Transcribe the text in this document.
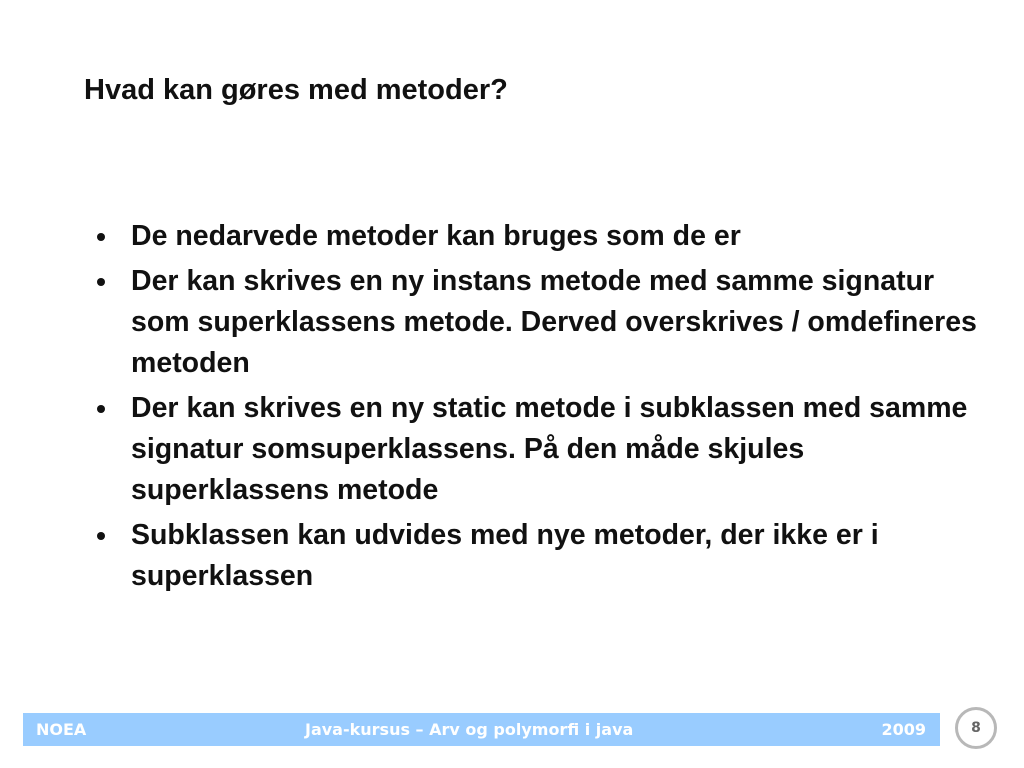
Hvad kan gøres med metoder?
De nedarvede metoder kan bruges som de er
Der kan skrives en ny instans metode med samme signatur som superklassens metode. Derved overskrives / omdefineres metoden
Der kan skrives en ny static metode i subklassen med samme signatur somsuperklassens. På den måde skjules superklassens metode
Subklassen kan udvides med nye metoder, der ikke er i superklassen
NOEA	Java-kursus – Arv og polymorfi i java	2009	8
